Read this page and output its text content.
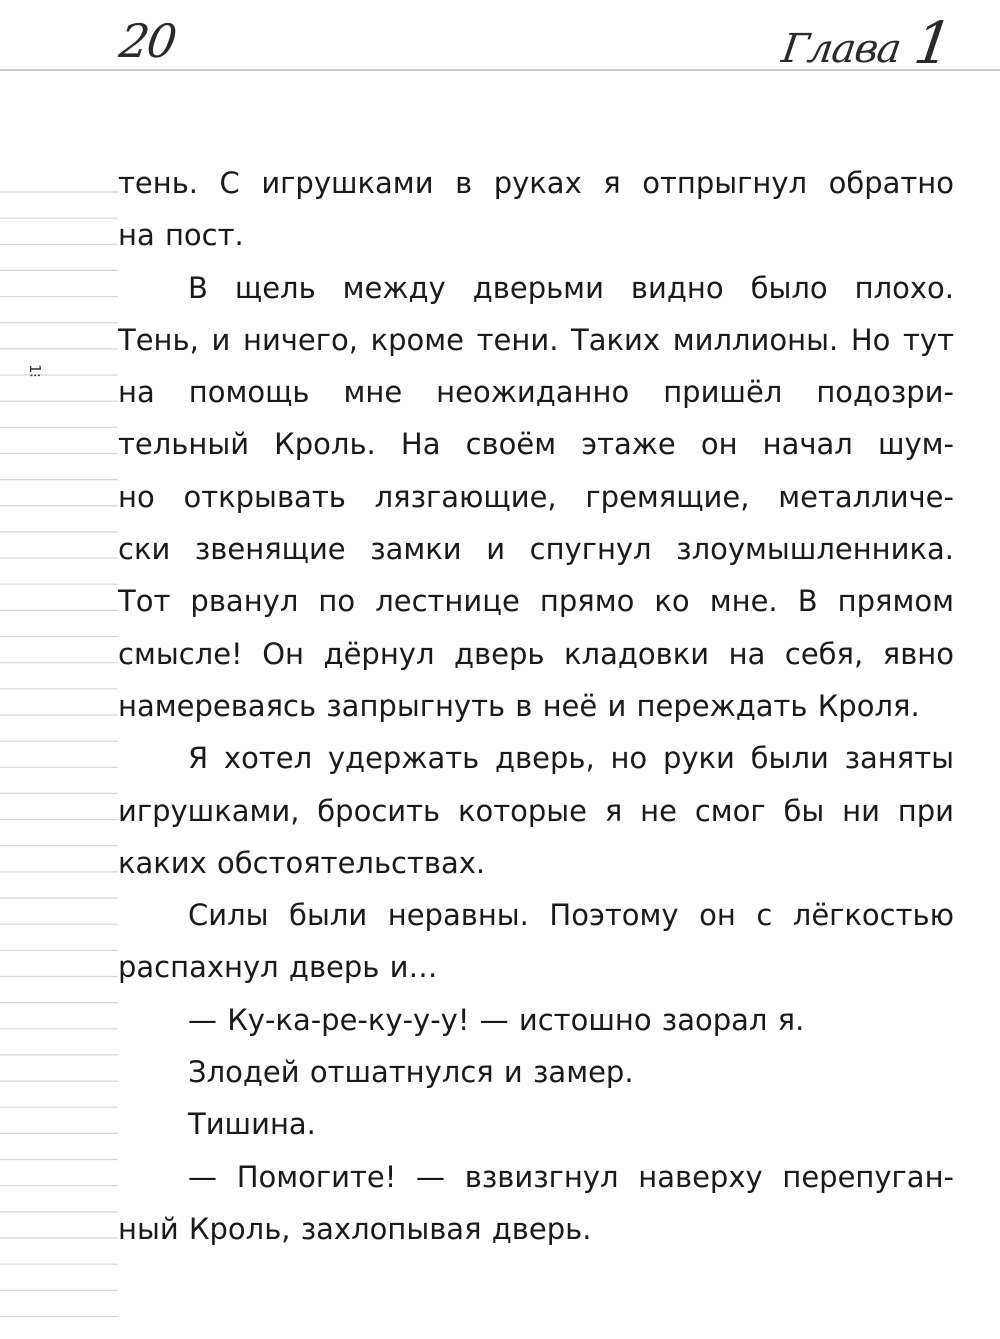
20	Глава 1
1⁝
тень. С игрушками в руках я отпрыгнул обратно
на пост.
В щель между дверьми видно было плохо.
Тень, и ничего, кроме тени. Таких миллионы. Но тут
на помощь мне неожиданно пришёл подозри-
тельный Кроль. На своём этаже он начал шум-
но открывать лязгающие, гремящие, металличе-
ски звенящие замки и спугнул злоумышленника.
Тот рванул по лестнице прямо ко мне. В прямом
смысле! Он дёрнул дверь кладовки на себя, явно
намереваясь запрыгнуть в неё и переждать Кроля.
Я хотел удержать дверь, но руки были заняты
игрушками, бросить которые я не смог бы ни при
каких обстоятельствах.
Силы были неравны. Поэтому он с лёгкостью
распахнул дверь и…
— Ку-ка-ре-ку-у-у! — истошно заорал я.
Злодей отшатнулся и замер.
Тишина.
— Помогите! — взвизгнул наверху перепуган-
ный Кроль, захлопывая дверь.
